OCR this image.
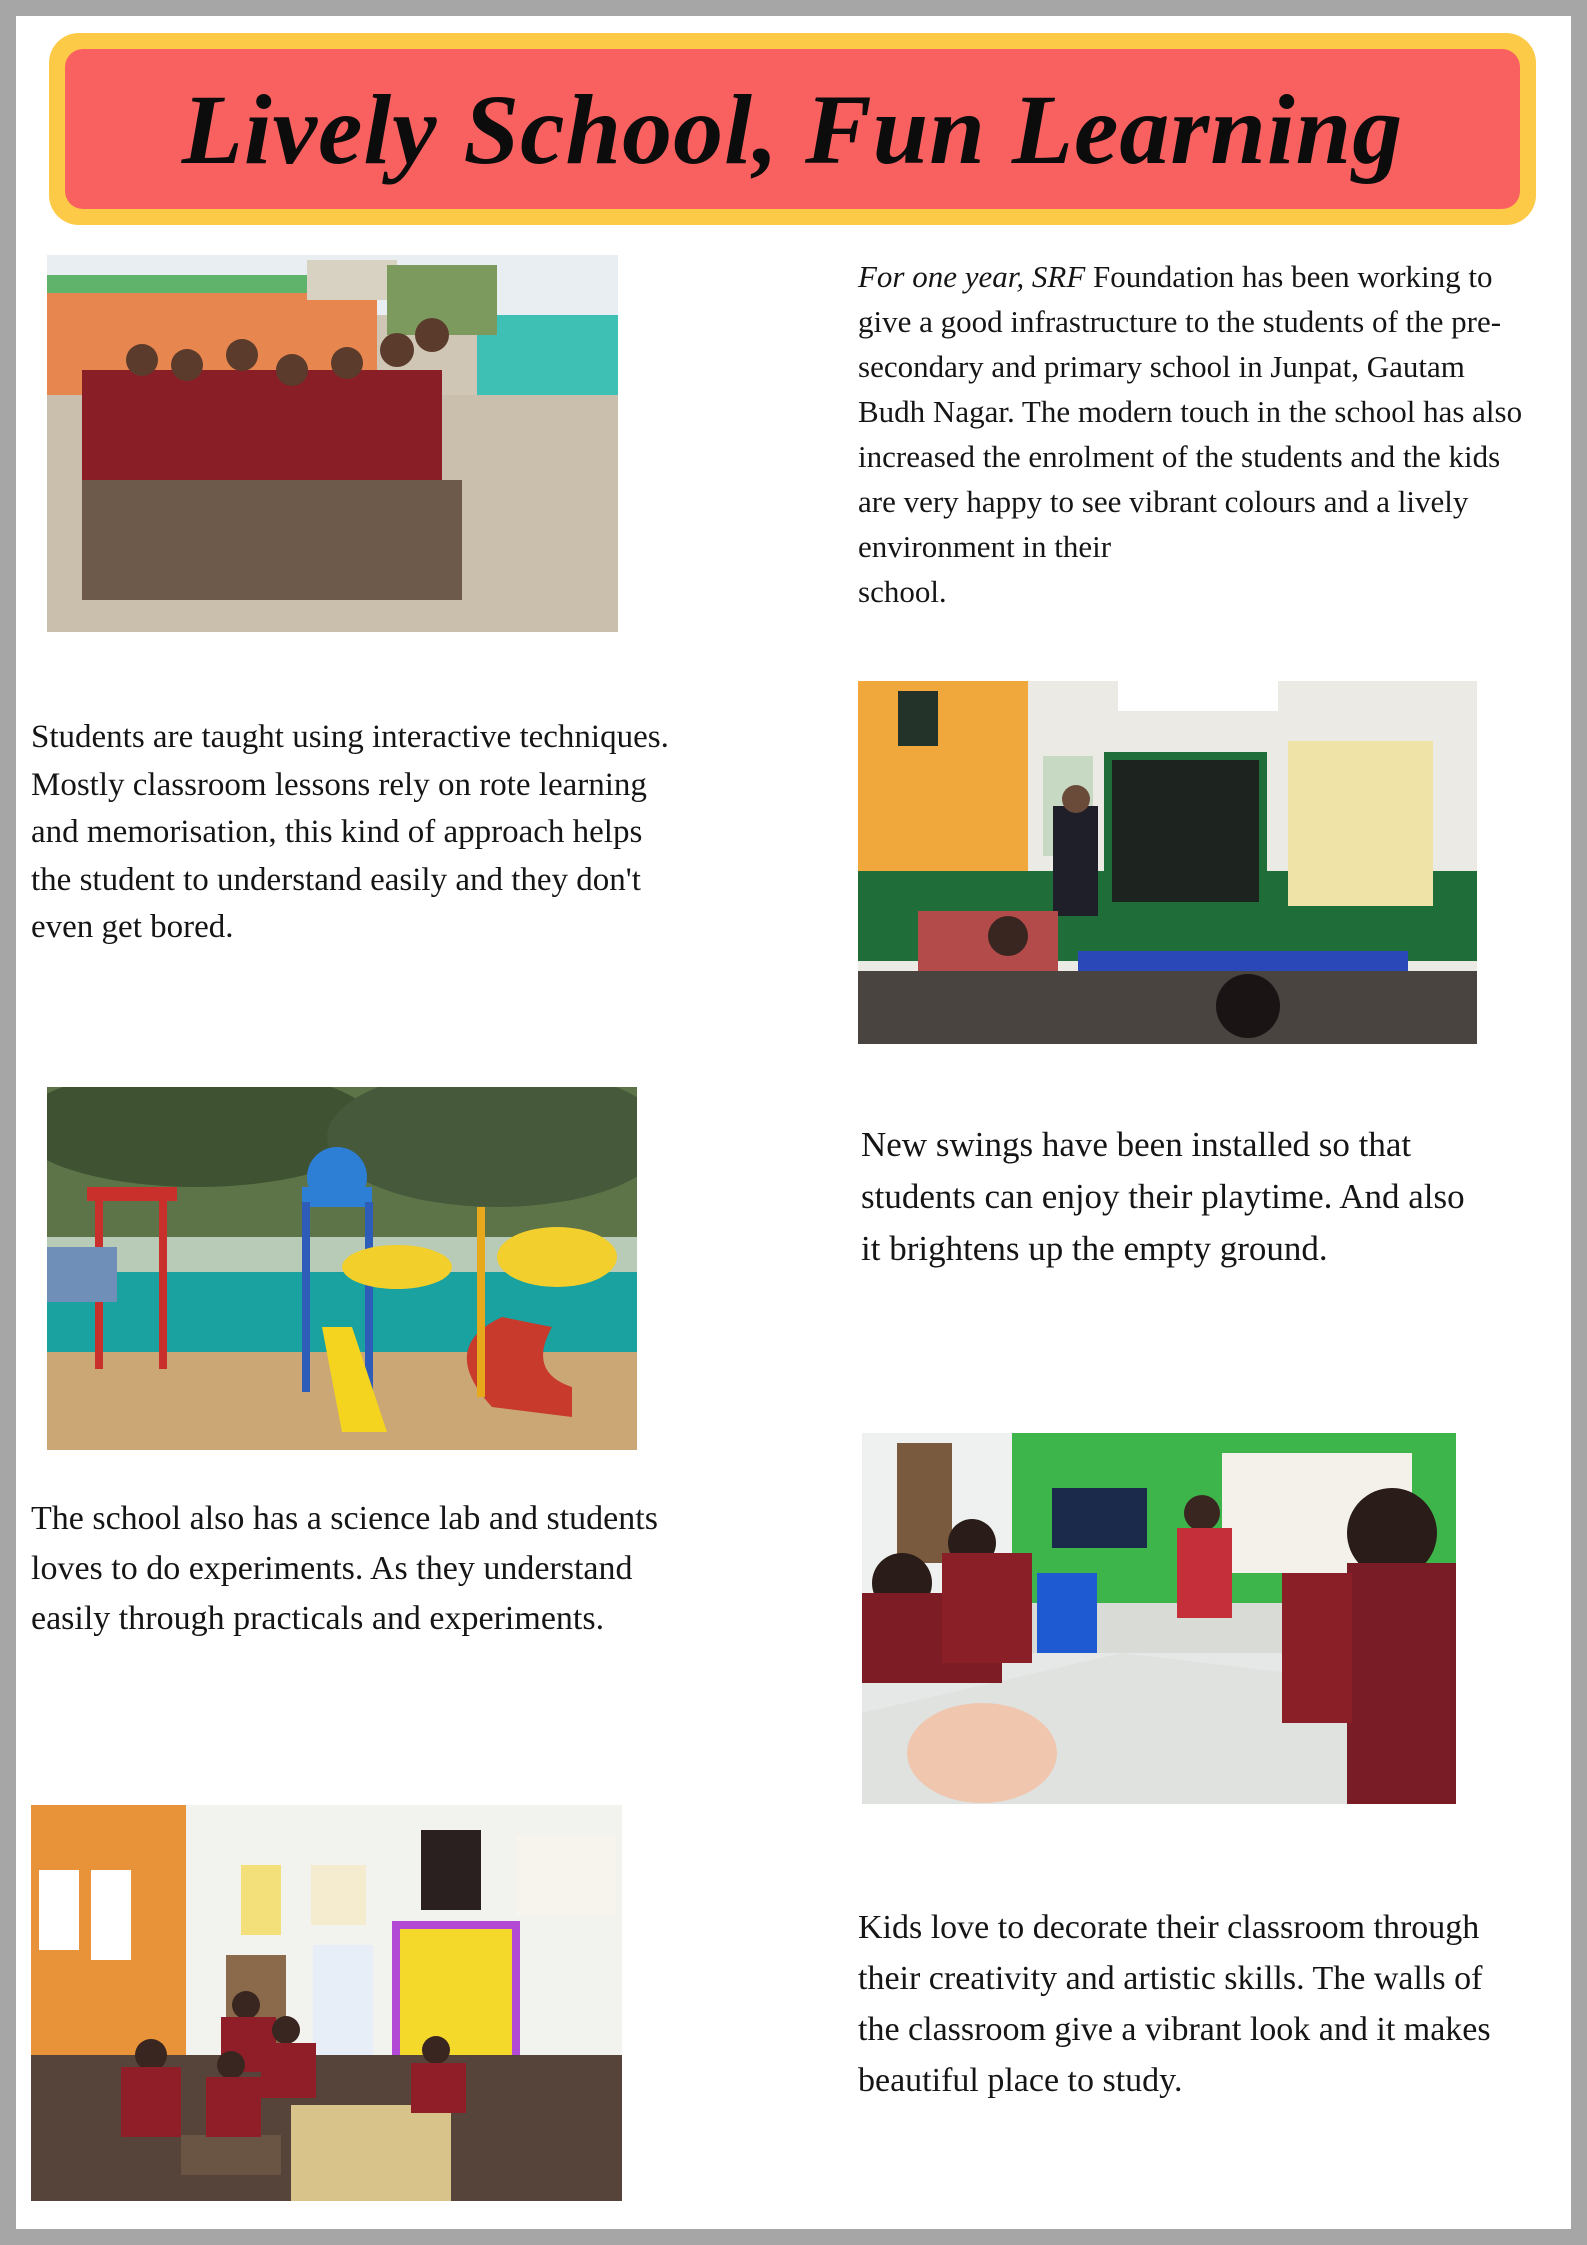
Lively School, Fun Learning

For one year, SRF Foundation has been working to
give a good infrastructure to the students of the pre-
secondary and primary school in Junpat, Gautam
Budh Nagar. The modern touch in the school has also
increased the enrolment of the students and the kids
are very happy to see vibrant colours and a lively
environment in their
school.

Students are taught using interactive techniques.
Mostly classroom lessons rely on rote learning
and memorisation, this kind of approach helps
the student to understand easily and they don't
even get bored.
New swings have been installed so that
students can enjoy their playtime. And also
it brightens up the empty ground.
The school also has a science lab and students
loves to do experiments. As they understand
easily through practicals and experiments.
Kids love to decorate their classroom through
their creativity and artistic skills. The walls of
the classroom give a vibrant look and it makes
beautiful place to study.
